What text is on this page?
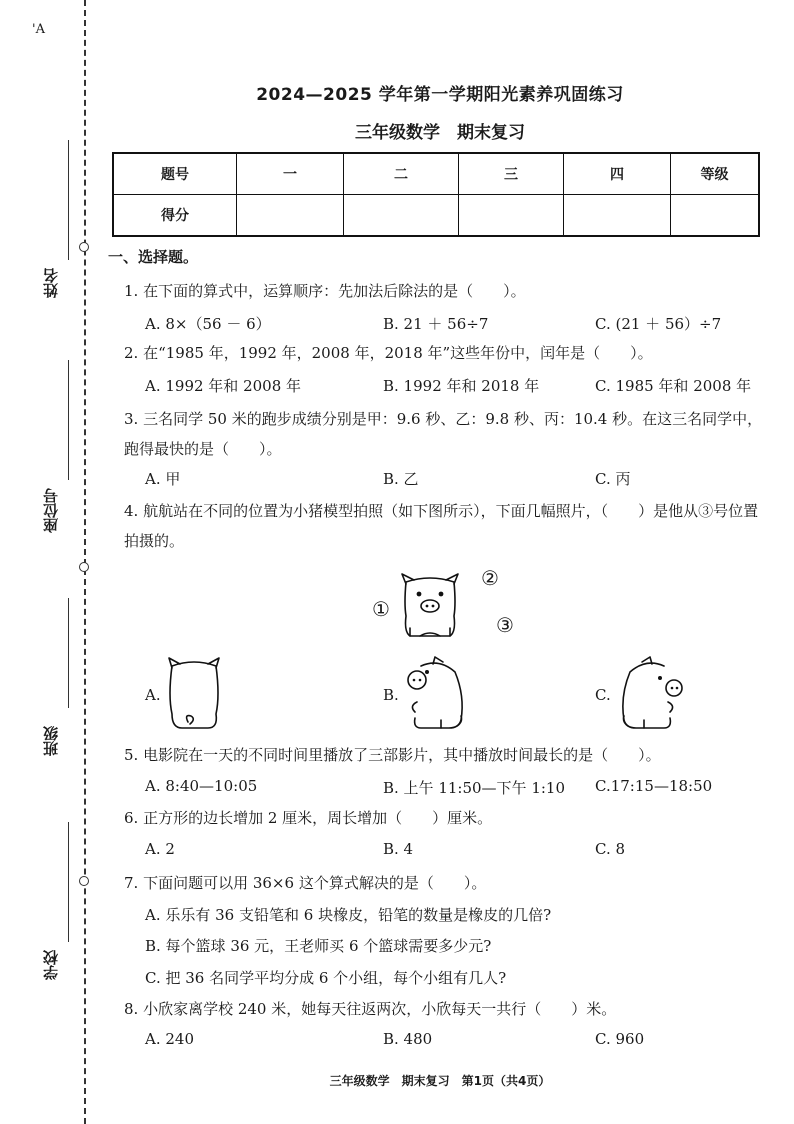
'A
姓名
座位号
班级
学校
2024—2025 学年第一学期阳光素养巩固练习
三年级数学　期末复习
题号	一	二	三	四	等级
得分					
一、选择题。
1. 在下面的算式中，运算顺序：先加法后除法的是（　　）。
A. 8×（56 － 6）	B. 21 ＋ 56÷7	C. (21 ＋ 56）÷7
2. 在“1985 年，1992 年，2008 年，2018 年”这些年份中，闰年是（　　）。
A. 1992 年和 2008 年	B. 1992 年和 2018 年	C. 1985 年和 2008 年
3. 三名同学 50 米的跑步成绩分别是甲：9.6 秒、乙：9.8 秒、丙：10.4 秒。在这三名同学中，跑得最快的是（　　）。
A. 甲	B. 乙	C. 丙
4. 航航站在不同的位置为小猪模型拍照（如下图所示），下面几幅照片，（　　）是他从③号位置拍摄的。
①
②
③
A.	B.	C.
5. 电影院在一天的不同时间里播放了三部影片，其中播放时间最长的是（　　）。
A. 8:40—10:05	B. 上午 11:50—下午 1:10 C.17:15—18:50
6. 正方形的边长增加 2 厘米，周长增加（　　）厘米。
A. 2	B. 4	C. 8
7. 下面问题可以用 36×6 这个算式解决的是（　　）。
A. 乐乐有 36 支铅笔和 6 块橡皮，铅笔的数量是橡皮的几倍?
B. 每个篮球 36 元，王老师买 6 个篮球需要多少元?
C. 把 36 名同学平均分成 6 个小组，每个小组有几人?
8. 小欣家离学校 240 米，她每天往返两次，小欣每天一共行（　　）米。
A. 240	B. 480	C. 960
三年级数学　期末复习　第1页（共4页）
